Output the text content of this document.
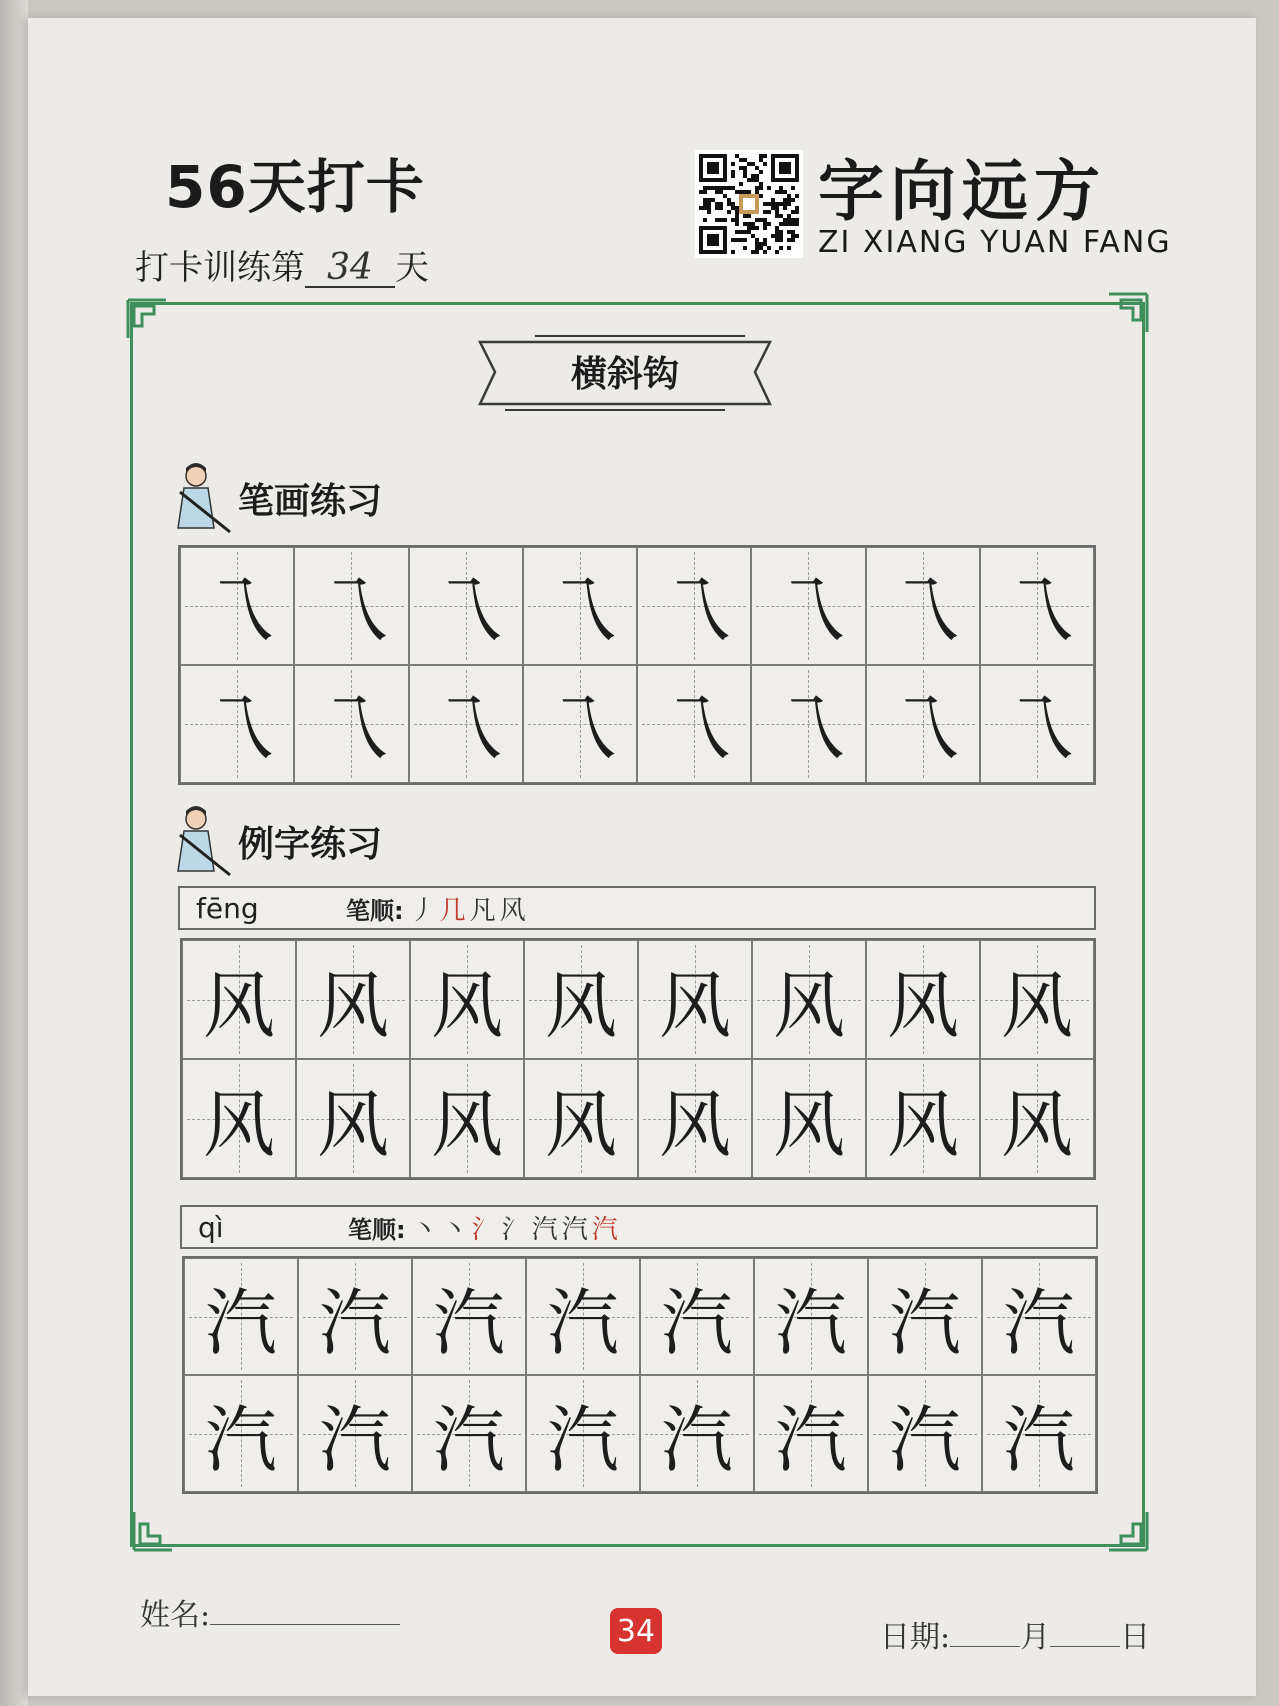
56天打卡
打卡训练第 34 天
字向远方
ZI XIANG YUAN FANG
横斜钩
笔画练习
乁 乁 乁 乁 乁 乁 乁 乁
乁 乁 乁 乁 乁 乁 乁 乁
例字练习
fēng	笔顺: 丿几凡风
风 风 风 风 风 风 风 风
风 风 风 风 风 风 风 风
qì	笔顺: 丶丶氵氵汽汽汽
汽 汽 汽 汽 汽 汽 汽 汽
汽 汽 汽 汽 汽 汽 汽 汽
姓名:	34	日期: 月 日
